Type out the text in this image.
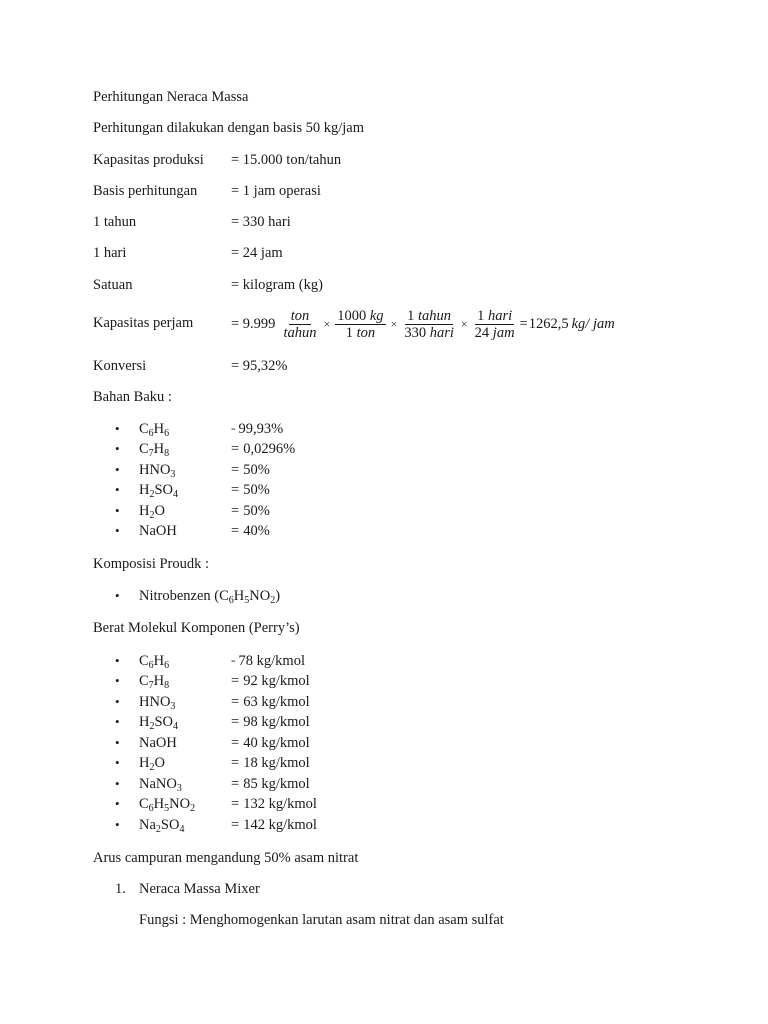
Perhitungan Neraca Massa
Perhitungan dilakukan dengan basis 50 kg/jam
Kapasitas produksi = 15.000 ton/tahun
Basis perhitungan = 1 jam operasi
1 tahun	= 330 hari
1 hari	= 24 jam
Satuan	= kilogram (kg)
Kapasitas perjam	= $9.999 \frac{\text{ton}}{\text{tahun}} \times \frac{1000 kg}{\text{1 ton}} \times \frac{\text{1 tahun}}{\text{330 hari}} \times \frac{\text{1 hari}}{\text{24 jam}} = 1262,5$ kg/ jam
Konversi	= 95,32%
Bahan Baku :
• $C_6H_6$	= 99,93%
• $C_7H_8$	= 0,0296%
• $HNO_3$	= 50%
• $H_2SO_4$	= 50%
• $H_2O$	= 50%
• NaOH	= 40%
Komposisi Proudk :
• Nitrobenzen $(C_6H_5NO_2)$
Berat Molekul Komponen (Perry’s)
• $C_6H_6$	= 78 kg/kmol
• $C_7H_8$	= 92 kg/kmol
• $HNO_3$	= 63 kg/kmol
• $H_2SO_4$	= 98 kg/kmol
• NaOH	= 40 kg/kmol
• $H_2O$	= 18 kg/kmol
• NaNO$_3$	= 85 kg/kmol
• $C_6H_5NO_2 = 132$ kg/kmol
• $Na_2SO_4$	= 142 kg/kmol
Arus campuran mengandung 50% asam nitrat
1. Neraca Massa Mixer
Fungsi : Menghomogenkan larutan asam nitrat dan asam sulfat
